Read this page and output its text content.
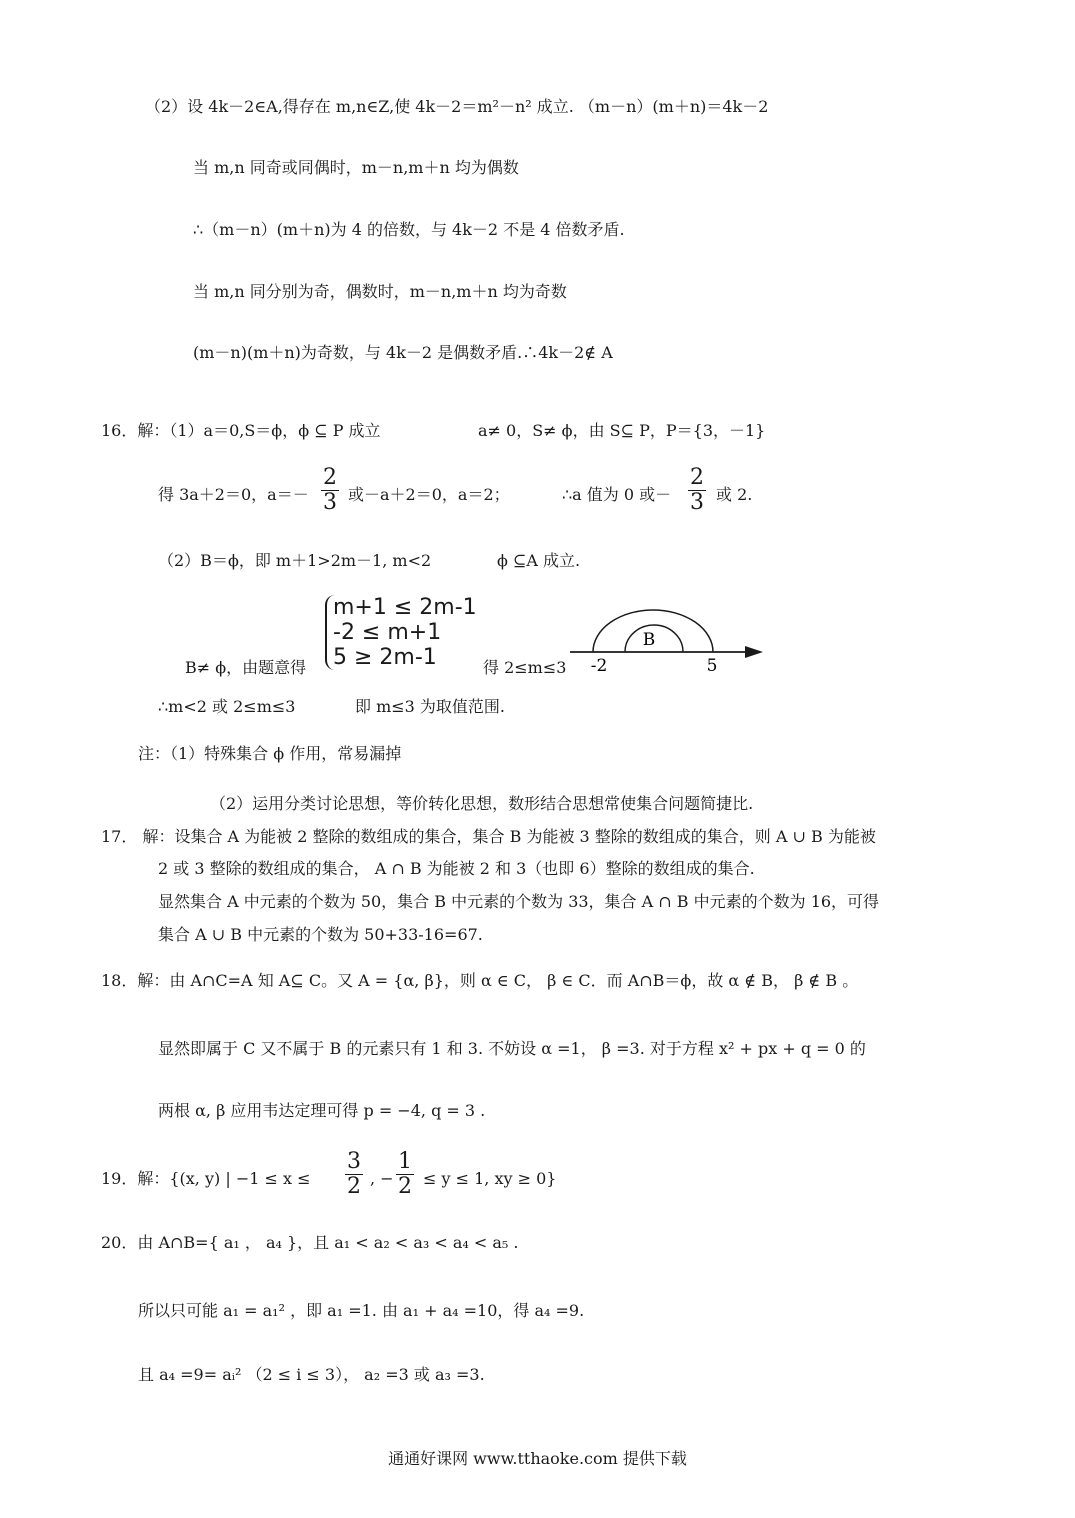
（2）设 4k－2∈A,得存在 m,n∈Z,使 4k－2＝m²－n² 成立. （m－n）(m＋n)＝4k－2
当 m,n 同奇或同偶时，m－n,m＋n 均为偶数
∴（m－n）(m＋n)为 4 的倍数，与 4k－2 不是 4 倍数矛盾.
当 m,n 同分别为奇，偶数时，m－n,m＋n 均为奇数
(m－n)(m＋n)为奇数，与 4k－2 是偶数矛盾.∴4k－2∉ A
16．解：（1）a＝0,S＝ϕ，ϕ ⊆ P 成立	a≠ 0，S≠ ϕ，由 S⊆ P，P＝{3，－1}
得 3a＋2＝0，$a=- \frac{2}{3}$ 或－a＋2＝0，a＝2；	∴a 值为 0 或－ $\frac{2}{3}$ 或 2.
（2）B＝ϕ，即 m＋1>2m－1, m<2	ϕ ⊆A 成立.
m+1 ≤ 2m-1
-2 ≤ m+1
5 ≥ 2m-1
B≠ ϕ，由题意得	得 2≤m≤3
B
-2	5
∴m<2 或 2≤m≤3	即 m≤3 为取值范围.
注：（1）特殊集合 ϕ 作用，常易漏掉
（2）运用分类讨论思想，等价转化思想，数形结合思想常使集合问题简捷比.
17． 解：设集合 A 为能被 2 整除的数组成的集合，集合 B 为能被 3 整除的数组成的集合，则 A ∪ B 为能被
2 或 3 整除的数组成的集合， A ∩ B 为能被 2 和 3（也即 6）整除的数组成的集合.
显然集合 A 中元素的个数为 50，集合 B 中元素的个数为 33，集合 A ∩ B 中元素的个数为 16，可得
集合 A ∪ B 中元素的个数为 50+33-16=67.
18．解：由 A∩C=A 知 A⊆ C。又 A = {α, β}，则 α ∈ C， β ∈ C．而 A∩B＝ϕ，故 α ∉ B， β ∉ B 。
显然即属于 C 又不属于 B 的元素只有 1 和 3. 不妨设 α =1， β =3. 对于方程 x² + px + q = 0 的
两根 α, β 应用韦达定理可得 p = −4, q = 3 .
19．解：{(x, y) | $-1 \le x \le \frac{3}{2}$ , − $\frac{1}{2} \le y \le 1$, xy ≥ 0}
20．由 A∩B={ a₁ ， a₄ }，且 a₁ < a₂ < a₃ < a₄ < a₅ .
所以只可能 a₁ = a₁² ，即 a₁ =1. 由 a₁ + a₄ =10，得 a₄ =9.
且 a₄ =9= aᵢ² （2 ≤ i ≤ 3）， a₂ =3 或 a₃ =3.
通通好课网 www.tthaoke.com 提供下载
